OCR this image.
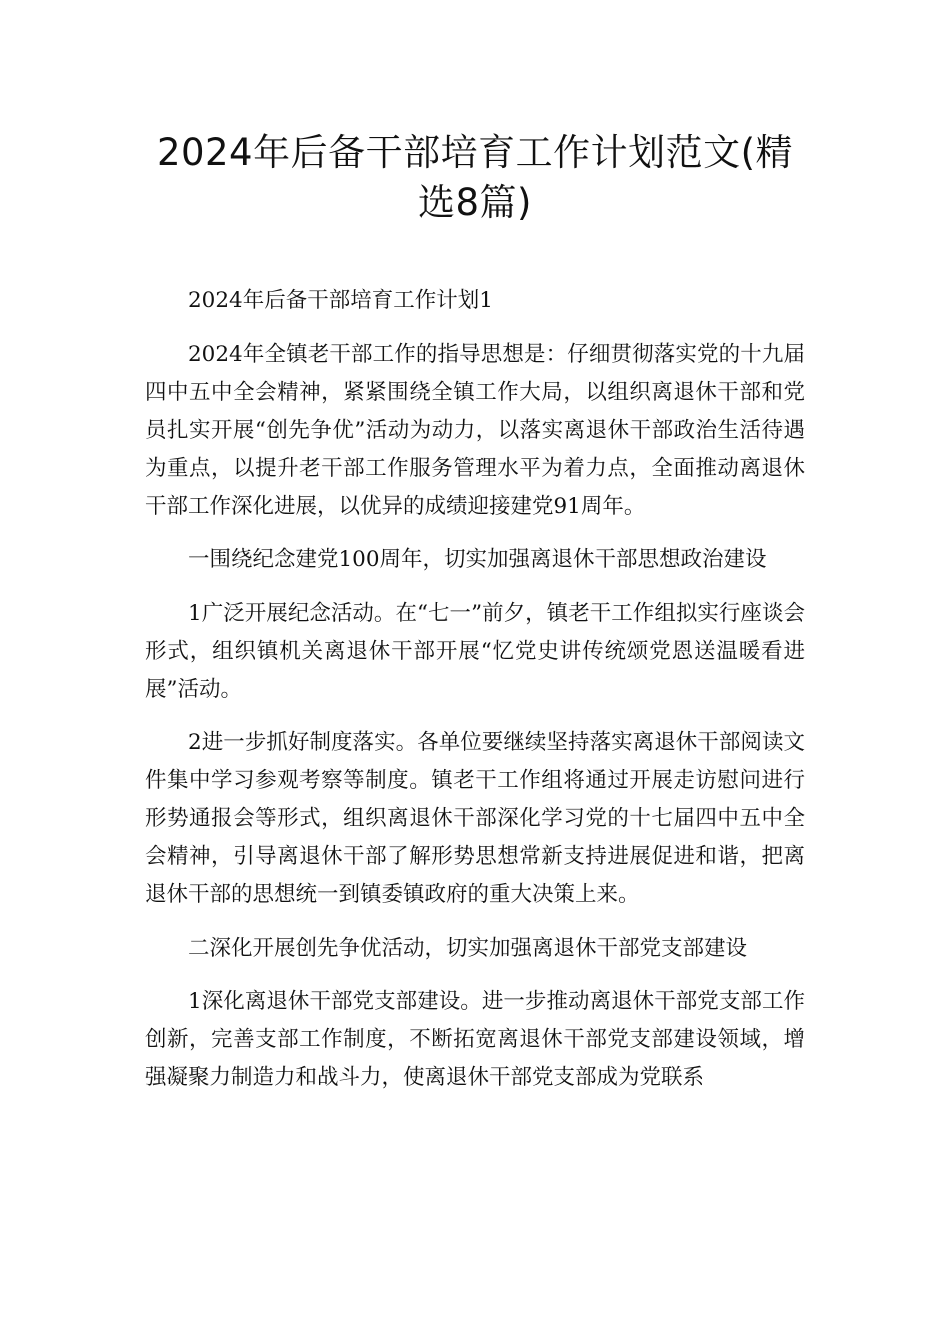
2024年后备干部培育工作计划范文(精
选8篇)

2024年后备干部培育工作计划1

2024年全镇老干部工作的指导思想是：仔细贯彻落实党的十九届四中五中全会精神，紧紧围绕全镇工作大局，以组织离退休干部和党员扎实开展“创先争优”活动为动力，以落实离退休干部政治生活待遇为重点，以提升老干部工作服务管理水平为着力点，全面推动离退休干部工作深化进展，以优异的成绩迎接建党91周年。

一围绕纪念建党100周年，切实加强离退休干部思想政治建设

1广泛开展纪念活动。在“七一”前夕，镇老干工作组拟实行座谈会形式，组织镇机关离退休干部开展“忆党史讲传统颂党恩送温暖看进展”活动。

2进一步抓好制度落实。各单位要继续坚持落实离退休干部阅读文件集中学习参观考察等制度。镇老干工作组将通过开展走访慰问进行形势通报会等形式，组织离退休干部深化学习党的十七届四中五中全会精神，引导离退休干部了解形势思想常新支持进展促进和谐，把离退休干部的思想统一到镇委镇政府的重大决策上来。

二深化开展创先争优活动，切实加强离退休干部党支部建设

1深化离退休干部党支部建设。进一步推动离退休干部党支部工作创新，完善支部工作制度，不断拓宽离退休干部党支部建设领域，增强凝聚力制造力和战斗力，使离退休干部党支部成为党联系
